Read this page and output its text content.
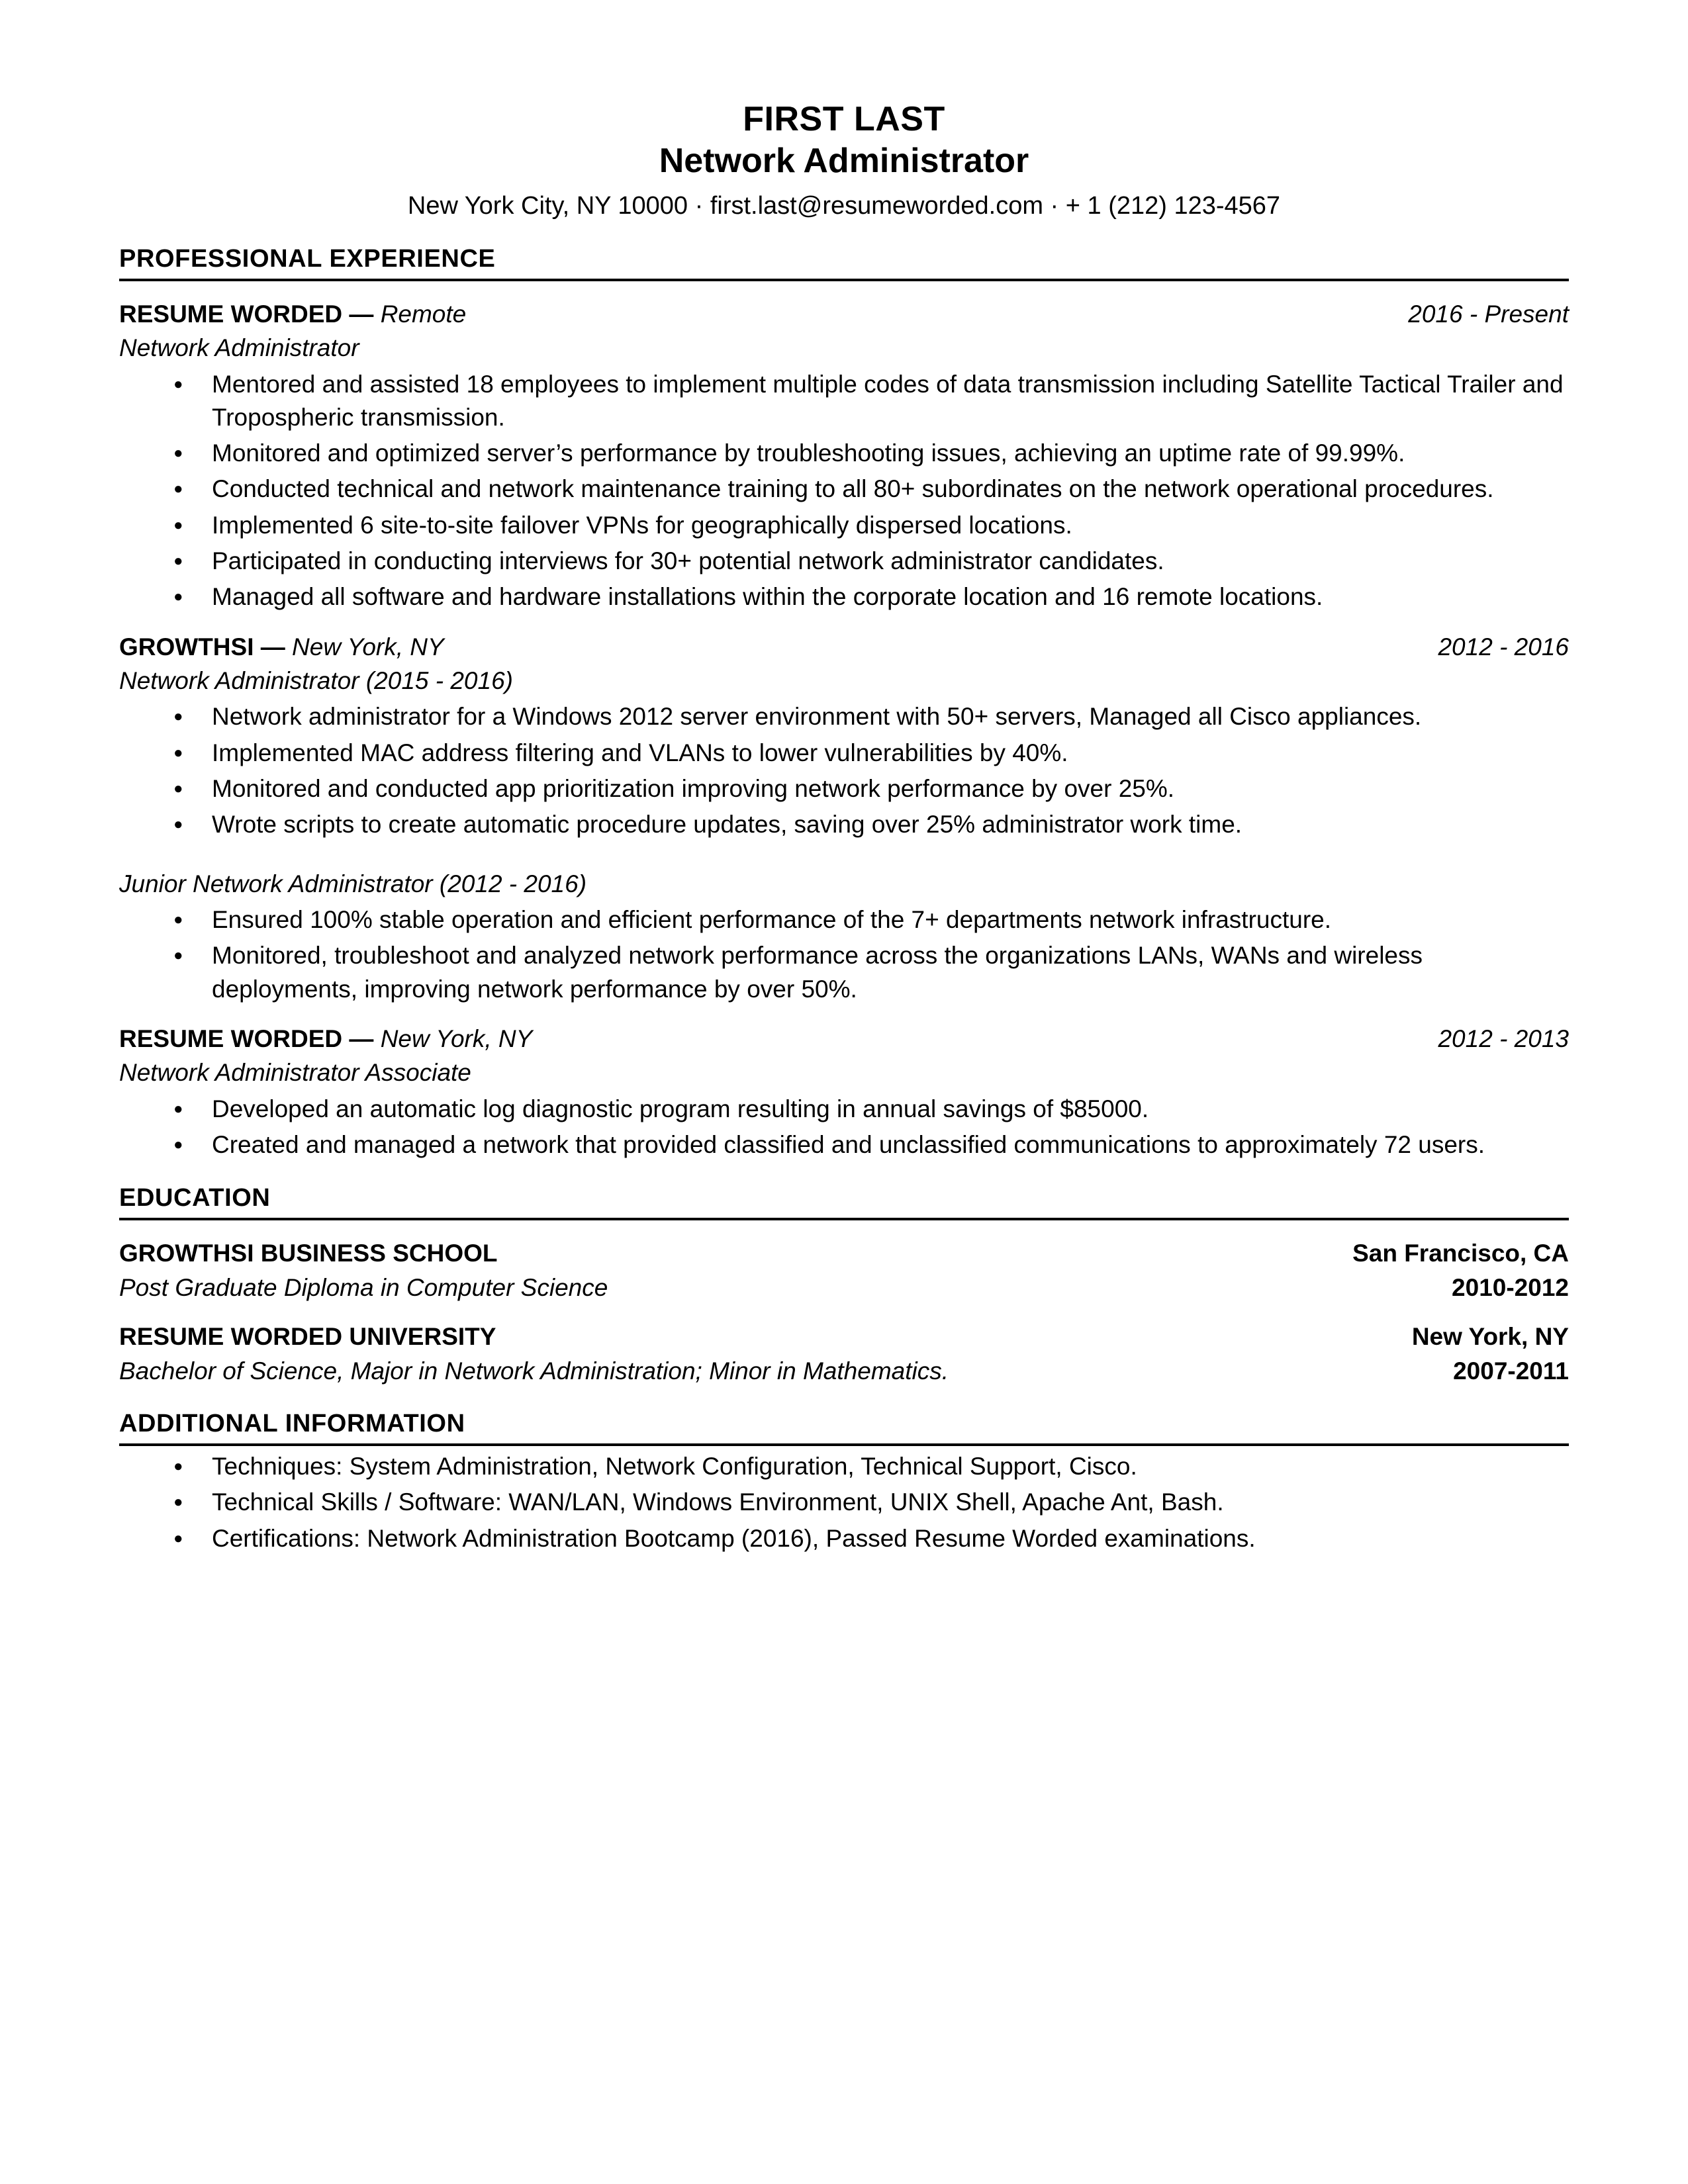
FIRST LAST
Network Administrator
New York City, NY 10000 · first.last@resumeworded.com · + 1 (212) 123-4567
PROFESSIONAL EXPERIENCE
RESUME WORDED — Remote	2016 - Present
Network Administrator
● Mentored and assisted 18 employees to implement multiple codes of data transmission including Satellite Tactical Trailer and Tropospheric transmission.
● Monitored and optimized server’s performance by troubleshooting issues, achieving an uptime rate of 99.99%.
● Conducted technical and network maintenance training to all 80+ subordinates on the network operational procedures.
● Implemented 6 site-to-site failover VPNs for geographically dispersed locations.
● Participated in conducting interviews for 30+ potential network administrator candidates.
● Managed all software and hardware installations within the corporate location and 16 remote locations.
GROWTHSI — New York, NY	2012 - 2016
Network Administrator (2015 - 2016)
● Network administrator for a Windows 2012 server environment with 50+ servers, Managed all Cisco appliances.
● Implemented MAC address filtering and VLANs to lower vulnerabilities by 40%.
● Monitored and conducted app prioritization improving network performance by over 25%.
● Wrote scripts to create automatic procedure updates, saving over 25% administrator work time.
Junior Network Administrator (2012 - 2016)
● Ensured 100% stable operation and efficient performance of the 7+ departments network infrastructure.
● Monitored, troubleshoot and analyzed network performance across the organizations LANs, WANs and wireless deployments, improving network performance by over 50%.
RESUME WORDED — New York, NY	2012 - 2013
Network Administrator Associate
● Developed an automatic log diagnostic program resulting in annual savings of $85000.
● Created and managed a network that provided classified and unclassified communications to approximately 72 users.
EDUCATION
GROWTHSI BUSINESS SCHOOL	San Francisco, CA
Post Graduate Diploma in Computer Science	2010-2012
RESUME WORDED UNIVERSITY	New York, NY
Bachelor of Science, Major in Network Administration; Minor in Mathematics.	2007-2011
ADDITIONAL INFORMATION
● Techniques: System Administration, Network Configuration, Technical Support, Cisco.
● Technical Skills / Software: WAN/LAN, Windows Environment, UNIX Shell, Apache Ant, Bash.
● Certifications: Network Administration Bootcamp (2016), Passed Resume Worded examinations.
